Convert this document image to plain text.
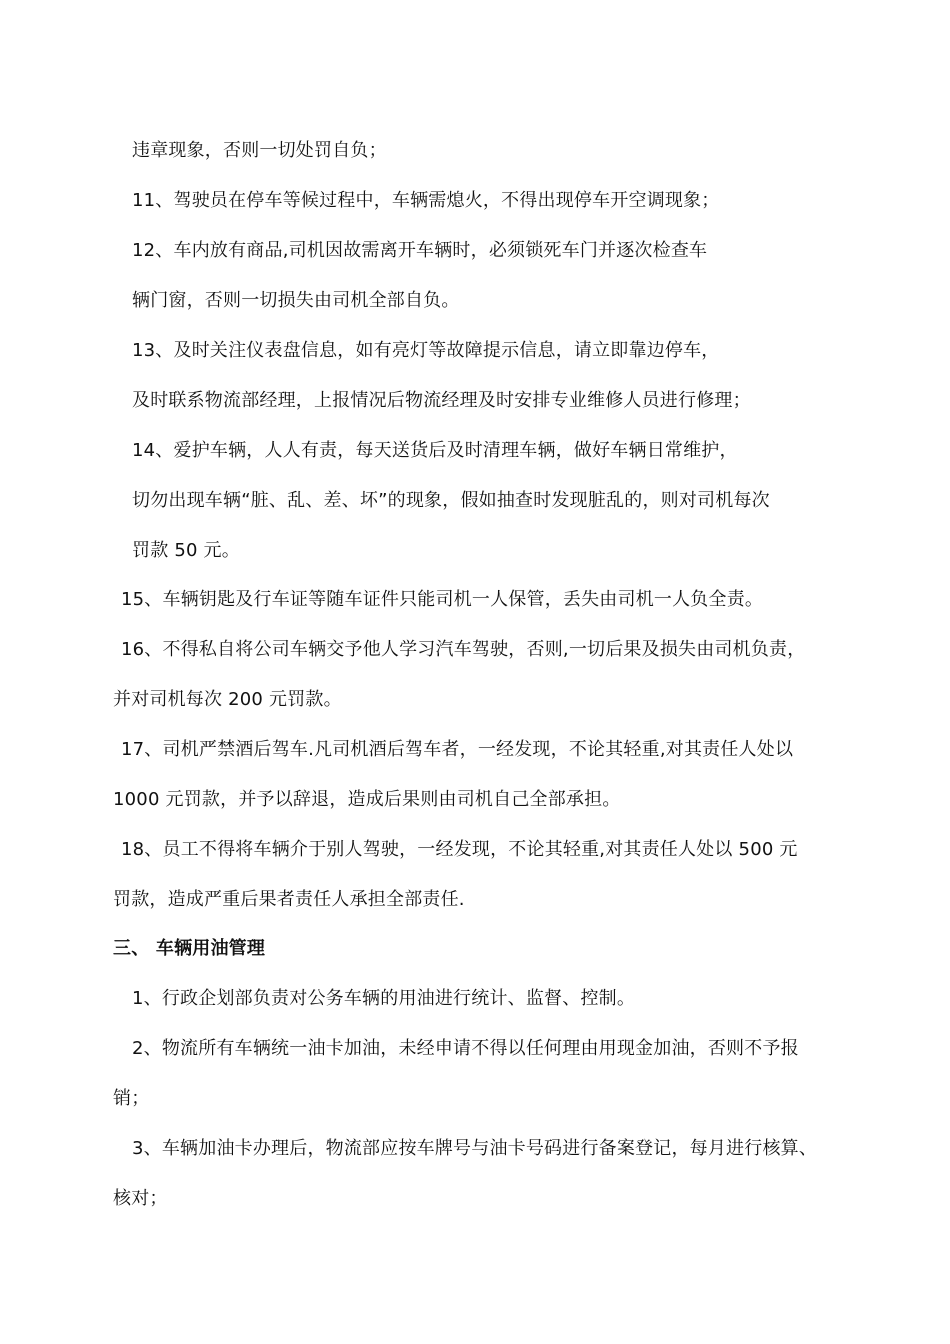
违章现象，否则一切处罚自负；
11、驾驶员在停车等候过程中，车辆需熄火，不得出现停车开空调现象；
12、车内放有商品,司机因故需离开车辆时，必须锁死车门并逐次检查车
辆门窗，否则一切损失由司机全部自负。
13、及时关注仪表盘信息，如有亮灯等故障提示信息，请立即靠边停车，
及时联系物流部经理，上报情况后物流经理及时安排专业维修人员进行修理；
14、爱护车辆，人人有责，每天送货后及时清理车辆，做好车辆日常维护，
切勿出现车辆“脏、乱、差、坏”的现象，假如抽查时发现脏乱的，则对司机每次
罚款 50 元。
15、车辆钥匙及行车证等随车证件只能司机一人保管，丢失由司机一人负全责。
16、不得私自将公司车辆交予他人学习汽车驾驶，否则,一切后果及损失由司机负责，
并对司机每次 200 元罚款。
17、司机严禁酒后驾车.凡司机酒后驾车者，一经发现，不论其轻重,对其责任人处以
1000 元罚款，并予以辞退，造成后果则由司机自己全部承担。
18、员工不得将车辆介于别人驾驶，一经发现，不论其轻重,对其责任人处以 500 元
罚款，造成严重后果者责任人承担全部责任.
三、 车辆用油管理
1、行政企划部负责对公务车辆的用油进行统计、监督、控制。
2、物流所有车辆统一油卡加油，未经申请不得以任何理由用现金加油，否则不予报
销；
3、车辆加油卡办理后，物流部应按车牌号与油卡号码进行备案登记，每月进行核算、
核对；
